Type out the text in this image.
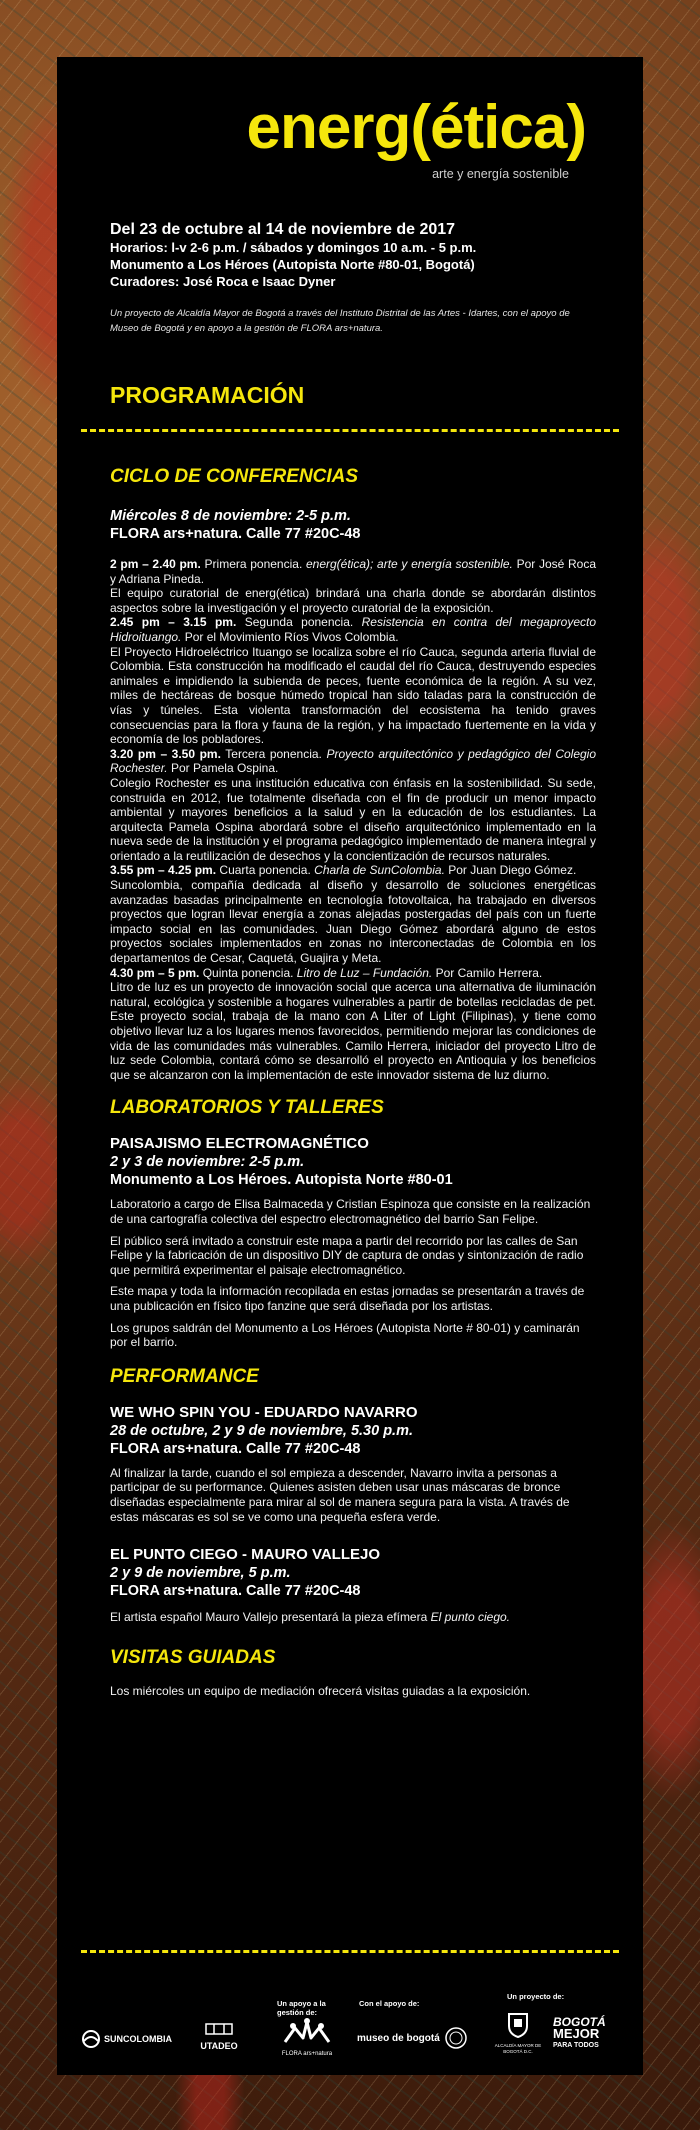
energ(ética)
arte y energía sostenible
Del 23 de octubre al 14 de noviembre de 2017
Horarios: l-v 2-6 p.m. / sábados y domingos 10 a.m. - 5 p.m.
Monumento a Los Héroes (Autopista Norte #80-01, Bogotá)
Curadores: José Roca e Isaac Dyner
Un proyecto de Alcaldía Mayor de Bogotá a través del Instituto Distrital de las Artes - Idartes, con el apoyo de Museo de Bogotá y en apoyo a la gestión de FLORA ars+natura.
PROGRAMACIÓN
CICLO DE CONFERENCIAS

Miércoles 8 de noviembre: 2-5 p.m.

FLORA ars+natura. Calle 77 #20C-48

2 pm – 2.40 pm. Primera ponencia. energ(ética); arte y energía sostenible. Por José Roca y Adriana Pineda.
El equipo curatorial de energ(ética) brindará una charla donde se abordarán distintos aspectos sobre la investigación y el proyecto curatorial de la exposición.
2.45 pm – 3.15 pm. Segunda ponencia. Resistencia en contra del megaproyecto Hidroituango. Por el Movimiento Ríos Vivos Colombia.
El Proyecto Hidroeléctrico Ituango se localiza sobre el río Cauca, segunda arteria fluvial de Colombia. Esta construcción ha modificado el caudal del río Cauca, destruyendo especies animales e impidiendo la subienda de peces, fuente económica de la región. A su vez, miles de hectáreas de bosque húmedo tropical han sido taladas para la construcción de vías y túneles. Esta violenta transformación del ecosistema ha tenido graves consecuencias para la flora y fauna de la región, y ha impactado fuertemente en la vida y economía de los pobladores.
3.20 pm – 3.50 pm. Tercera ponencia. Proyecto arquitectónico y pedagógico del Colegio Rochester. Por Pamela Ospina.
Colegio Rochester es una institución educativa con énfasis en la sostenibilidad. Su sede, construida en 2012, fue totalmente diseñada con el fin de producir un menor impacto ambiental y mayores beneficios a la salud y en la educación de los estudiantes. La arquitecta Pamela Ospina abordará sobre el diseño arquitectónico implementado en la nueva sede de la institución y el programa pedagógico implementado de manera integral y orientado a la reutilización de desechos y la concientización de recursos naturales.
3.55 pm – 4.25 pm. Cuarta ponencia. Charla de SunColombia. Por Juan Diego Gómez.
Suncolombia, compañía dedicada al diseño y desarrollo de soluciones energéticas avanzadas basadas principalmente en tecnología fotovoltaica, ha trabajado en diversos proyectos que logran llevar energía a zonas alejadas postergadas del país con un fuerte impacto social en las comunidades. Juan Diego Gómez abordará alguno de estos proyectos sociales implementados en zonas no interconectadas de Colombia en los departamentos de Cesar, Caquetá, Guajira y Meta.
4.30 pm – 5 pm. Quinta ponencia. Litro de Luz – Fundación. Por Camilo Herrera.
Litro de luz es un proyecto de innovación social que acerca una alternativa de iluminación natural, ecológica y sostenible a hogares vulnerables a partir de botellas recicladas de pet. Este proyecto social, trabaja de la mano con A Liter of Light (Filipinas), y tiene como objetivo llevar luz a los lugares menos favorecidos, permitiendo mejorar las condiciones de vida de las comunidades más vulnerables. Camilo Herrera, iniciador del proyecto Litro de luz sede Colombia, contará cómo se desarrolló el proyecto en Antioquia y los beneficios que se alcanzaron con la implementación de este innovador sistema de luz diurno.

LABORATORIOS Y TALLERES

PAISAJISMO ELECTROMAGNÉTICO

2 y 3 de noviembre: 2-5 p.m.

Monumento a Los Héroes. Autopista Norte #80-01

Laboratorio a cargo de Elisa Balmaceda y Cristian Espinoza que consiste en la realización de una cartografía colectiva del espectro electromagnético del barrio San Felipe.

El público será invitado a construir este mapa a partir del recorrido por las calles de San Felipe y la fabricación de un dispositivo DIY de captura de ondas y sintonización de radio que permitirá experimentar el paisaje electromagnético.

Este mapa y toda la información recopilada en estas jornadas se presentarán a través de una publicación en físico tipo fanzine que será diseñada por los artistas.

Los grupos saldrán del Monumento a Los Héroes (Autopista Norte # 80-01) y caminarán por el barrio.

PERFORMANCE

WE WHO SPIN YOU - EDUARDO NAVARRO

28 de octubre, 2 y 9 de noviembre, 5.30 p.m.

FLORA ars+natura. Calle 77 #20C-48

Al finalizar la tarde, cuando el sol empieza a descender, Navarro invita a personas a participar de su performance. Quienes asisten deben usar unas máscaras de bronce diseñadas especialmente para mirar al sol de manera segura para la vista. A través de estas máscaras es sol se ve como una pequeña esfera verde.

EL PUNTO CIEGO - MAURO VALLEJO

2 y 9 de noviembre, 5 p.m.

FLORA ars+natura. Calle 77 #20C-48

El artista español Mauro Vallejo presentará la pieza efímera El punto ciego.

VISITAS GUIADAS

Los miércoles un equipo de mediación ofrecerá visitas guiadas a la exposición.

Un apoyo a la gestión de:
Con el apoyo de:
Un proyecto de:
SUNCOLOMBIA
UTADEO
FLORA ars+natura
museo de bogotá
ALCALDÍA MAYOR DE BOGOTÁ D.C.
BOGOTÁ
MEJOR
PARA TODOS
